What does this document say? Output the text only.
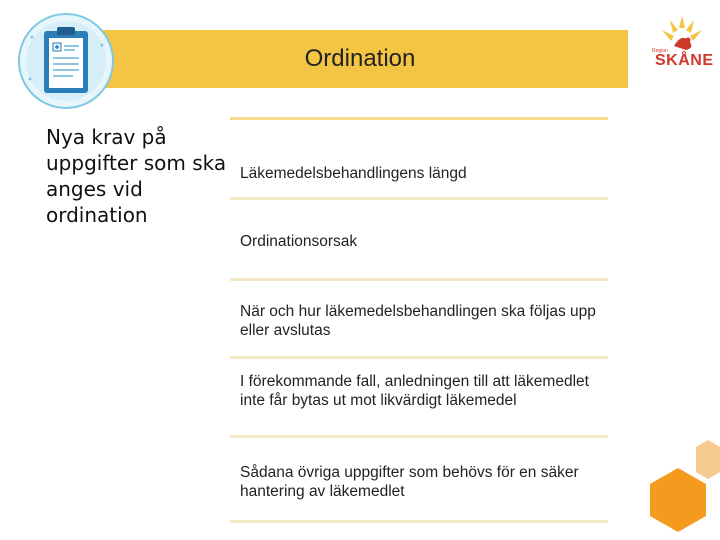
Ordination	Region
SKÅNE
Nya krav på uppgifter som ska anges vid ordination
Läkemedelsbehandlingens längd
Ordinationsorsak
När och hur läkemedelsbehandlingen ska följas upp eller avslutas
I förekommande fall, anledningen till att läkemedlet inte får bytas ut mot likvärdigt läkemedel
Sådana övriga uppgifter som behövs för en säker hantering av läkemedlet
